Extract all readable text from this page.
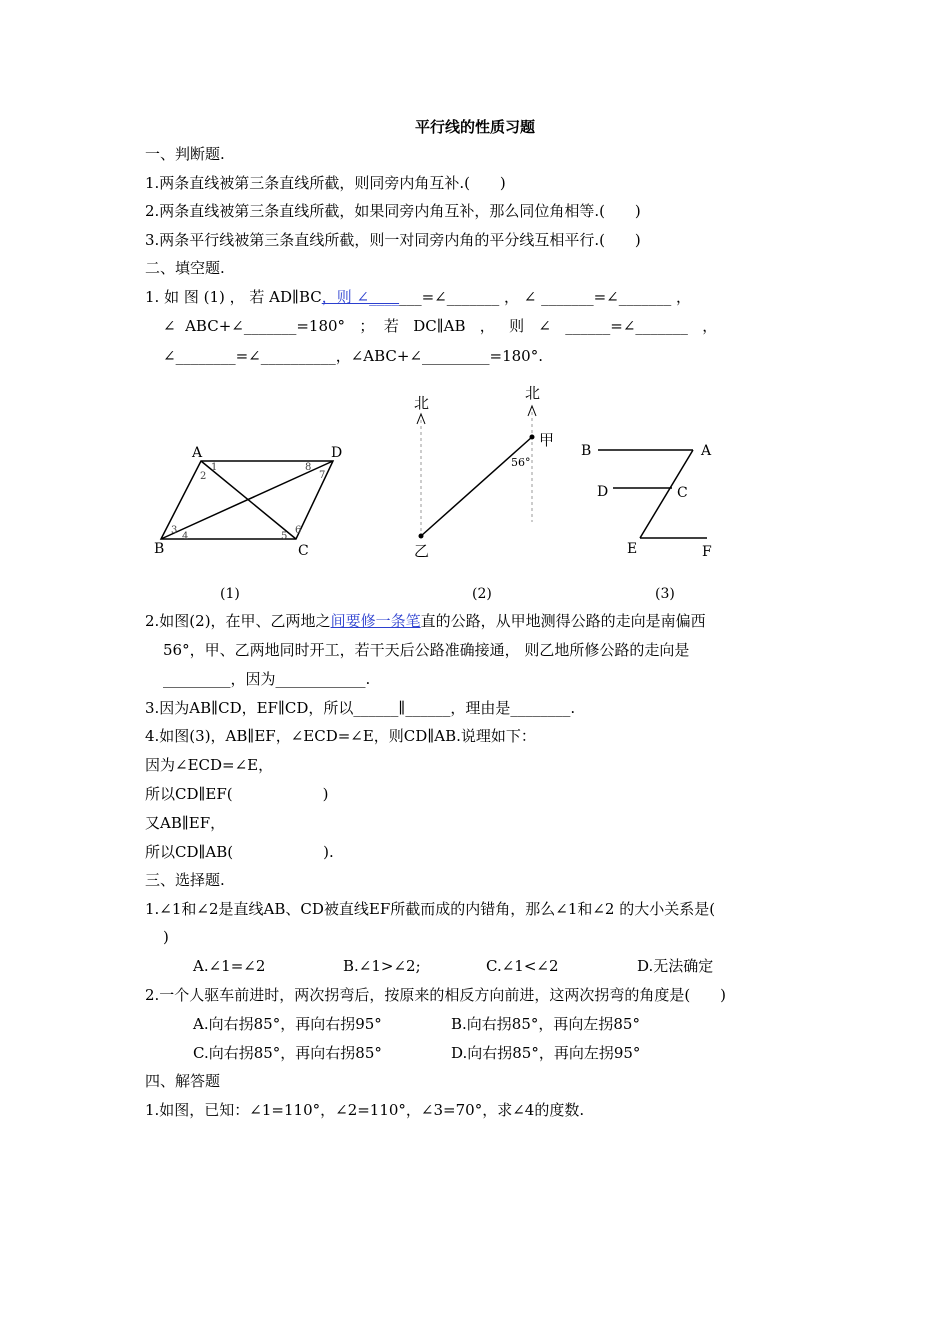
平行线的性质习题
一、判断题.
1.两条直线被第三条直线所截，则同旁内角互补.(　　)
2.两条直线被第三条直线所截，如果同旁内角互补，那么同位角相等.(　　)
3.两条平行线被第三条直线所截，则一对同旁内角的平分线互相平行.(　　)
二、填空题.
1. 如 图 (1) ， 若 AD∥BC，则 ∠_______=∠_______ ， ∠ _______=∠_______ ，
∠  ABC+∠_______=180°   ；  若   DC∥AB   ，   则   ∠   ______=∠_______   ，
∠________=∠__________，∠ABC+∠_________=180°.
A	D
B	C
1
2
3
4	5
6
7
8
北
北
甲
乙
56°
B	A
D	C
E	F
(1)	(2)	(3)
2.如图(2)，在甲、乙两地之间要修一条笔直的公路，从甲地测得公路的走向是南偏西
56°，甲、乙两地同时开工，若干天后公路准确接通， 则乙地所修公路的走向是
_________，因为____________.
3.因为AB∥CD，EF∥CD，所以______∥______，理由是________.
4.如图(3)，AB∥EF，∠ECD=∠E，则CD∥AB.说理如下：
因为∠ECD=∠E，
所以CD∥EF(　　　　　　)
又AB∥EF，
所以CD∥AB(　　　　　　).
三、选择题.
1.∠1和∠2是直线AB、CD被直线EF所截而成的内错角，那么∠1和∠2 的大小关系是(
)
A.∠1=∠2	B.∠1>∠2;	C.∠1<∠2	D.无法确定
2.一个人驱车前进时，两次拐弯后，按原来的相反方向前进，这两次拐弯的角度是(　　)
A.向右拐85°，再向右拐95°	B.向右拐85°，再向左拐85°
C.向右拐85°，再向右拐85°	D.向右拐85°，再向左拐95°
四、解答题
1.如图，已知：∠1=110°，∠2=110°，∠3=70°，求∠4的度数.
